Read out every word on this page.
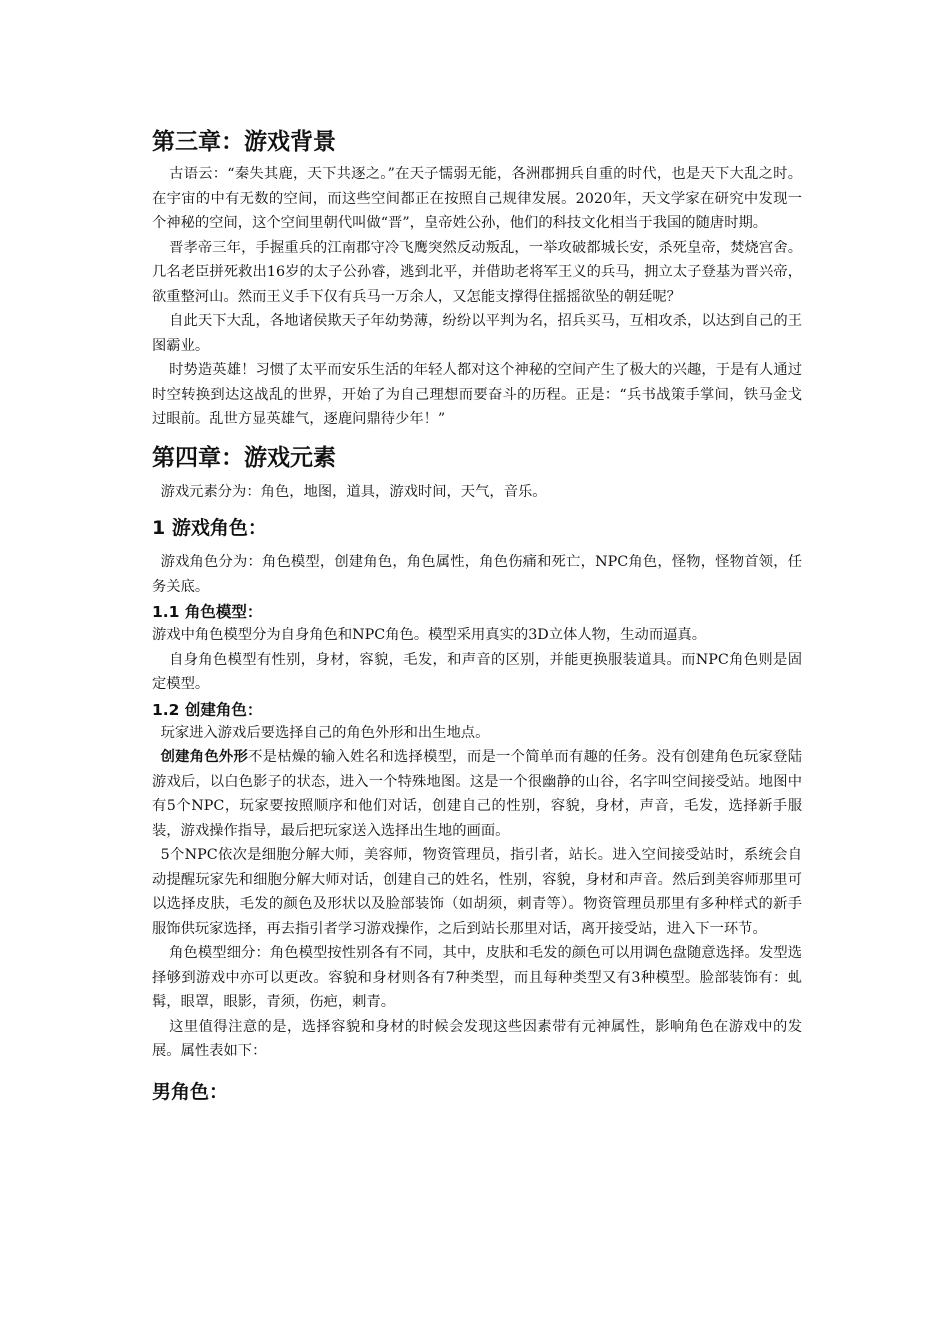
第三章：游戏背景

古语云：“秦失其鹿，天下共逐之。”在天子懦弱无能，各洲郡拥兵自重的时代，也是天下大乱之时。在宇宙的中有无数的空间，而这些空间都正在按照自己规律发展。2020年，天文学家在研究中发现一个神秘的空间，这个空间里朝代叫做“晋”，皇帝姓公孙，他们的科技文化相当于我国的随唐时期。

晋孝帝三年，手握重兵的江南郡守冷飞鹰突然反动叛乱，一举攻破都城长安，杀死皇帝，焚烧宫舍。几名老臣拼死救出16岁的太子公孙睿，逃到北平，并借助老将军王义的兵马，拥立太子登基为晋兴帝，欲重整河山。然而王义手下仅有兵马一万余人，又怎能支撑得住摇摇欲坠的朝廷呢？

自此天下大乱，各地诸侯欺天子年幼势薄，纷纷以平判为名，招兵买马，互相攻杀，以达到自己的王图霸业。

时势造英雄！习惯了太平而安乐生活的年轻人都对这个神秘的空间产生了极大的兴趣，于是有人通过时空转换到达这战乱的世界，开始了为自己理想而要奋斗的历程。正是：“兵书战策手掌间，铁马金戈过眼前。乱世方显英雄气，逐鹿问鼎待少年！”

第四章：游戏元素

游戏元素分为：角色，地图，道具，游戏时间，天气，音乐。

1 游戏角色：

游戏角色分为：角色模型，创建角色，角色属性，角色伤痛和死亡，NPC角色，怪物，怪物首领，任务关底。

1.1 角色模型：

游戏中角色模型分为自身角色和NPC角色。模型采用真实的3D立体人物，生动而逼真。

自身角色模型有性别，身材，容貌，毛发，和声音的区别，并能更换服装道具。而NPC角色则是固定模型。

1.2 创建角色：

玩家进入游戏后要选择自己的角色外形和出生地点。

创建角色外形不是枯燥的输入姓名和选择模型，而是一个简单而有趣的任务。没有创建角色玩家登陆游戏后，以白色影子的状态，进入一个特殊地图。这是一个很幽静的山谷，名字叫空间接受站。地图中有5个NPC，玩家要按照顺序和他们对话，创建自己的性别，容貌，身材，声音，毛发，选择新手服装，游戏操作指导，最后把玩家送入选择出生地的画面。

5个NPC依次是细胞分解大师，美容师，物资管理员，指引者，站长。进入空间接受站时，系统会自动提醒玩家先和细胞分解大师对话，创建自己的姓名，性别，容貌，身材和声音。然后到美容师那里可以选择皮肤，毛发的颜色及形状以及脸部装饰（如胡须，刺青等）。物资管理员那里有多种样式的新手服饰供玩家选择，再去指引者学习游戏操作，之后到站长那里对话，离开接受站，进入下一环节。

角色模型细分：角色模型按性别各有不同，其中，皮肤和毛发的颜色可以用调色盘随意选择。发型选择够到游戏中亦可以更改。容貌和身材则各有7种类型，而且每种类型又有3种模型。脸部装饰有：虬髯，眼罩，眼影，青须，伤疤，刺青。

这里值得注意的是，选择容貌和身材的时候会发现这些因素带有元神属性，影响角色在游戏中的发展。属性表如下：

男角色：
